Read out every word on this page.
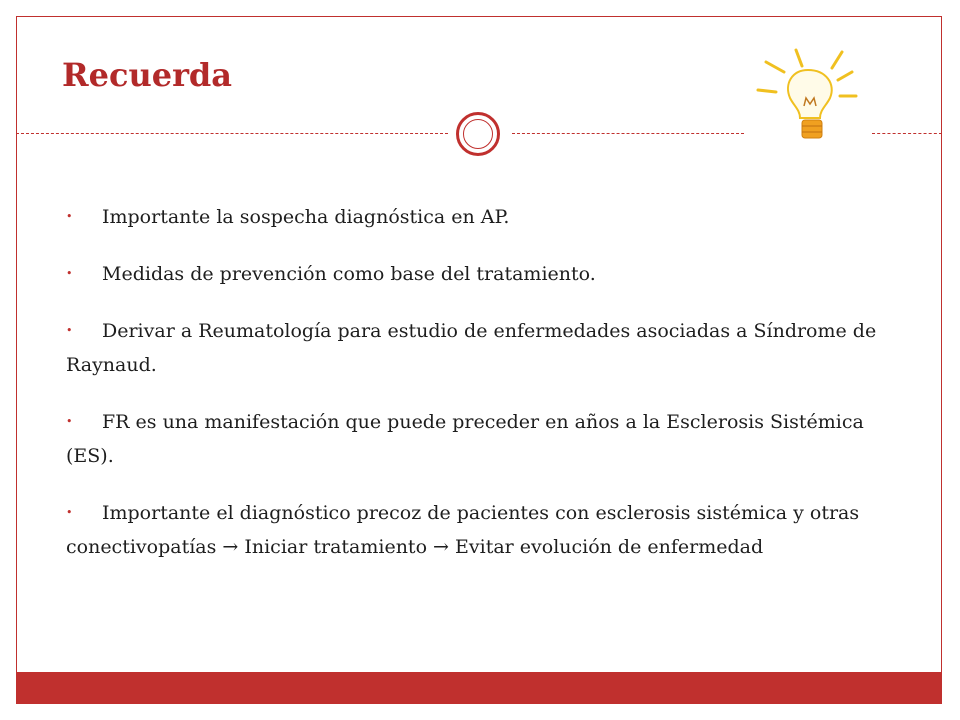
Recuerda

• Importante la sospecha diagnóstica en AP.

• Medidas de prevención como base del tratamiento.

• Derivar a Reumatología para estudio de enfermedades asociadas a Síndrome de Raynaud.

• FR es una manifestación que puede preceder en años a la Esclerosis Sistémica (ES).

• Importante el diagnóstico precoz de pacientes con esclerosis sistémica y otras conectivopatías → Iniciar tratamiento → Evitar evolución de enfermedad
